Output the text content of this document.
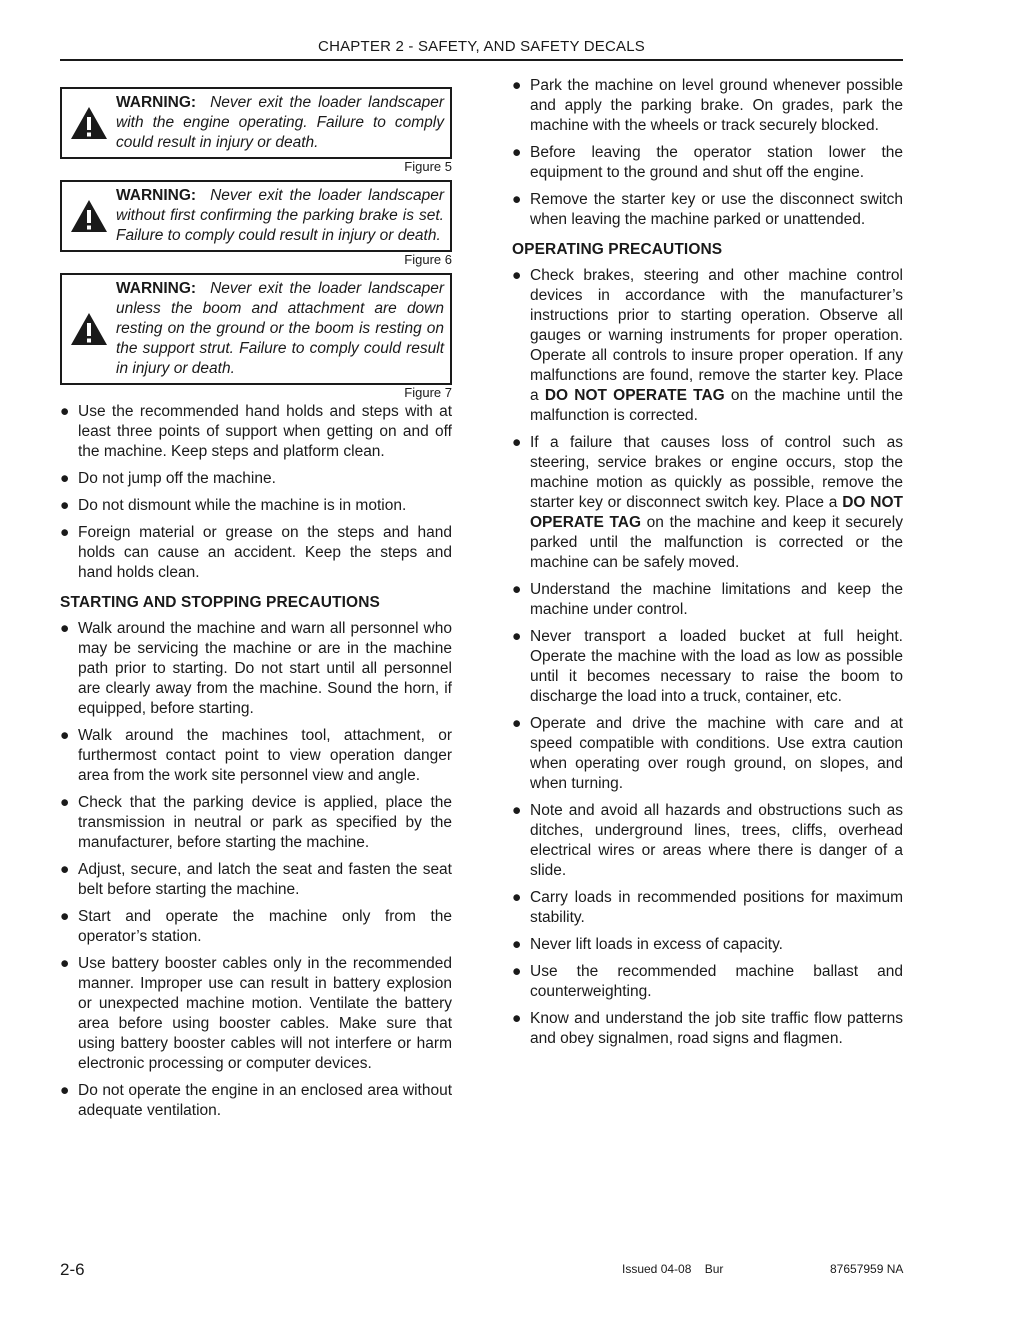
CHAPTER 2 - SAFETY, AND SAFETY DECALS

WARNING: Never exit the loader landscaper with the engine operating. Failure to comply could result in injury or death.

Figure 5

WARNING: Never exit the loader landscaper without first confirming the parking brake is set. Failure to comply could result in injury or death.

Figure 6

WARNING: Never exit the loader landscaper unless the boom and attachment are down resting on the ground or the boom is resting on the support strut. Failure to comply could result in injury or death.

Figure 7
● Use the recommended hand holds and steps with at least three points of support when getting on and off the machine. Keep steps and platform clean.
● Do not jump off the machine.
● Do not dismount while the machine is in motion.
● Foreign material or grease on the steps and hand holds can cause an accident. Keep the steps and hand holds clean.
STARTING AND STOPPING PRECAUTIONS
● Walk around the machine and warn all personnel who may be servicing the machine or are in the machine path prior to starting. Do not start until all personnel are clearly away from the machine. Sound the horn, if equipped, before starting.
● Walk around the machines tool, attachment, or furthermost contact point to view operation danger area from the work site personnel view and angle.
● Check that the parking device is applied, place the transmission in neutral or park as specified by the manufacturer, before starting the machine.
● Adjust, secure, and latch the seat and fasten the seat belt before starting the machine.
● Start and operate the machine only from the operator’s station.
● Use battery booster cables only in the recommended manner. Improper use can result in battery explosion or unexpected machine motion. Ventilate the battery area before using booster cables. Make sure that using battery booster cables will not interfere or harm electronic processing or computer devices.
● Do not operate the engine in an enclosed area without adequate ventilation.
● Park the machine on level ground whenever possible and apply the parking brake. On grades, park the machine with the wheels or track securely blocked.
● Before leaving the operator station lower the equipment to the ground and shut off the engine.
● Remove the starter key or use the disconnect switch when leaving the machine parked or unattended.
OPERATING PRECAUTIONS
● Check brakes, steering and other machine control devices in accordance with the manufacturer’s instructions prior to starting operation. Observe all gauges or warning instruments for proper operation. Operate all controls to insure proper operation. If any malfunctions are found, remove the starter key. Place a DO NOT OPERATE TAG on the machine until the malfunction is corrected.
● If a failure that causes loss of control such as steering, service brakes or engine occurs, stop the machine motion as quickly as possible, remove the starter key or disconnect switch key. Place a DO NOT OPERATE TAG on the machine and keep it securely parked until the malfunction is corrected or the machine can be safely moved.
● Understand the machine limitations and keep the machine under control.
● Never transport a loaded bucket at full height. Operate the machine with the load as low as possible until it becomes necessary to raise the boom to discharge the load into a truck, container, etc.
● Operate and drive the machine with care and at speed compatible with conditions. Use extra caution when operating over rough ground, on slopes, and when turning.
● Note and avoid all hazards and obstructions such as ditches, underground lines, trees, cliffs, overhead electrical wires or areas where there is danger of a slide.
● Carry loads in recommended positions for maximum stability.
● Never lift loads in excess of capacity.
● Use the recommended machine ballast and counterweighting.
● Know and understand the job site traffic flow patterns and obey signalmen, road signs and flagmen.
2-6	Issued 04-08    Bur	87657959 NA
